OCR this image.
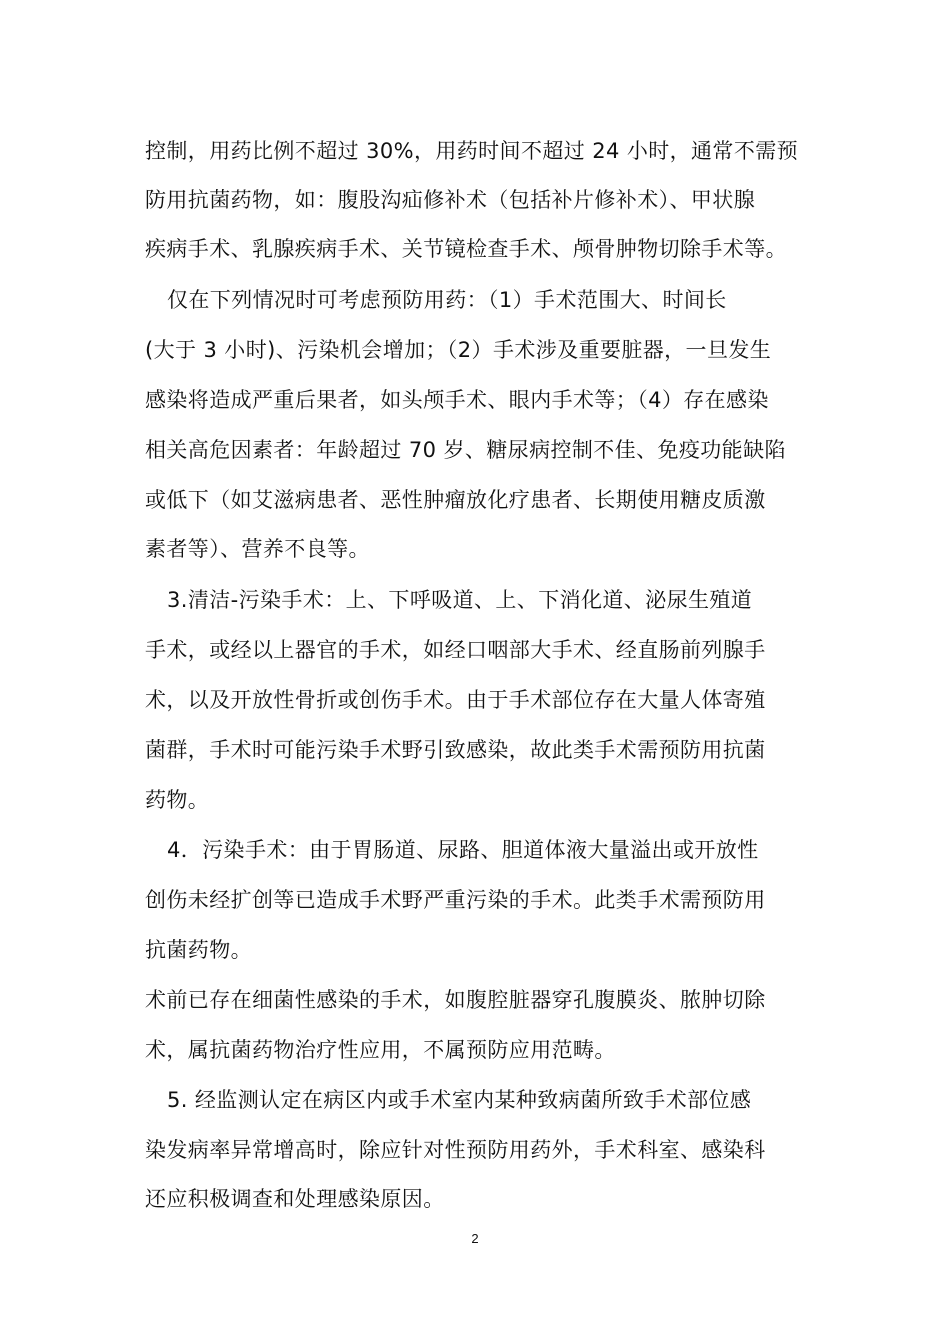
控制，用药比例不超过 30%，用药时间不超过 24 小时，通常不需预
防用抗菌药物，如：腹股沟疝修补术（包括补片修补术）、甲状腺
疾病手术、乳腺疾病手术、关节镜检查手术、颅骨肿物切除手术等。
仅在下列情况时可考虑预防用药：（1）手术范围大、时间长
(大于 3 小时)、污染机会增加；（2）手术涉及重要脏器，一旦发生
感染将造成严重后果者，如头颅手术、眼内手术等；（4）存在感染
相关高危因素者：年龄超过 70 岁、糖尿病控制不佳、免疫功能缺陷
或低下（如艾滋病患者、恶性肿瘤放化疗患者、长期使用糖皮质激
素者等）、营养不良等。
3.清洁-污染手术：上、下呼吸道、上、下消化道、泌尿生殖道
手术，或经以上器官的手术，如经口咽部大手术、经直肠前列腺手
术，以及开放性骨折或创伤手术。由于手术部位存在大量人体寄殖
菌群，手术时可能污染手术野引致感染，故此类手术需预防用抗菌
药物。
4．污染手术：由于胃肠道、尿路、胆道体液大量溢出或开放性
创伤未经扩创等已造成手术野严重污染的手术。此类手术需预防用
抗菌药物。
术前已存在细菌性感染的手术，如腹腔脏器穿孔腹膜炎、脓肿切除
术，属抗菌药物治疗性应用，不属预防应用范畴。
5. 经监测认定在病区内或手术室内某种致病菌所致手术部位感
染发病率异常增高时，除应针对性预防用药外，手术科室、感染科
还应积极调查和处理感染原因。
2
